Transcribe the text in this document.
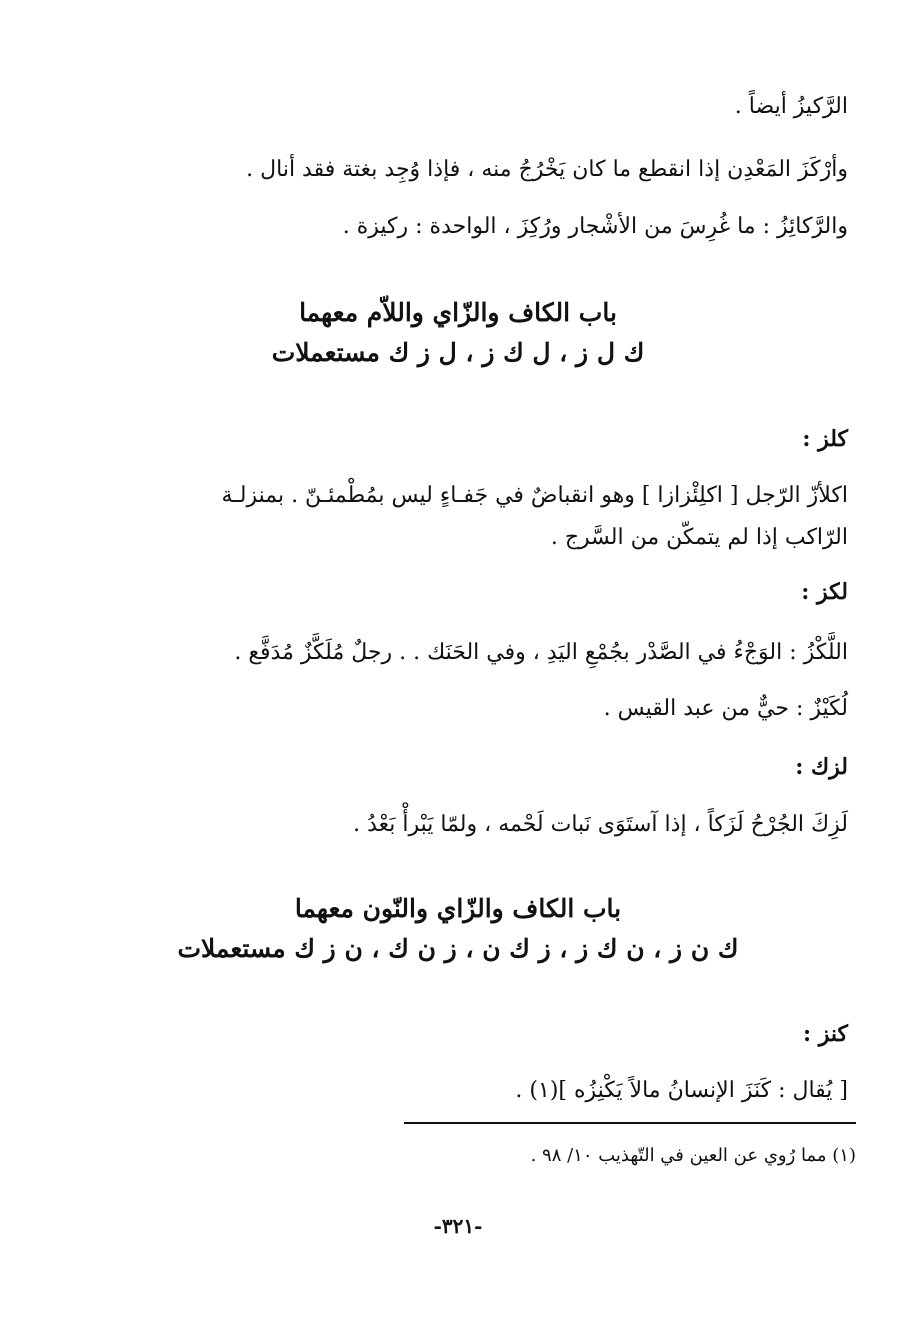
الرَّكيزُ أيضاً .
وأرْكَزَ المَعْدِن إذا انقطع ما كان يَخْرُجُ منه ، فإذا وُجِد بغتة فقد أنال .
والرَّكائِزُ : ما غُرِسَ من الأشْجار ورُكِزَ ، الواحدة : ركيزة .
باب الكاف والزّاي واللاّم معهما
ك ل ز ، ل ك ز ، ل ز ك مستعملات
كلز :
اكلأزّ الرّجل [ اكلِئْزازا ] وهو انقباضٌ في جَفـاءٍ ليس بمُطْمئـنّ . بمنزلـة
الرّاكب إذا لم يتمكّن من السَّرج .
لكز :
اللَّكْزُ : الوَجْءُ في الصَّدْر بجُمْعِ اليَدِ ، وفي الحَنَك . . رجلٌ مُلَكَّزٌ مُدَفَّع .
لُكَيْزٌ : حيٌّ من عبد القيس .
لزك :
لَزِكَ الجُرْحُ لَزَكاً ، إذا آستَوَى نَبات لَحْمه ، ولمّا يَبْرأْ بَعْدُ .
باب الكاف والزّاي والنّون معهما
ك ن ز ، ن ك ز ، ز ك ن ، ز ن ك ، ن ز ك مستعملات
كنز :
[ يُقال : كَنَزَ الإنسانُ مالاً يَكْنِزُه ](١) .
(١) مما رُوي عن العين في التّهذيب ١٠/ ٩٨ .
-٣٢١-
